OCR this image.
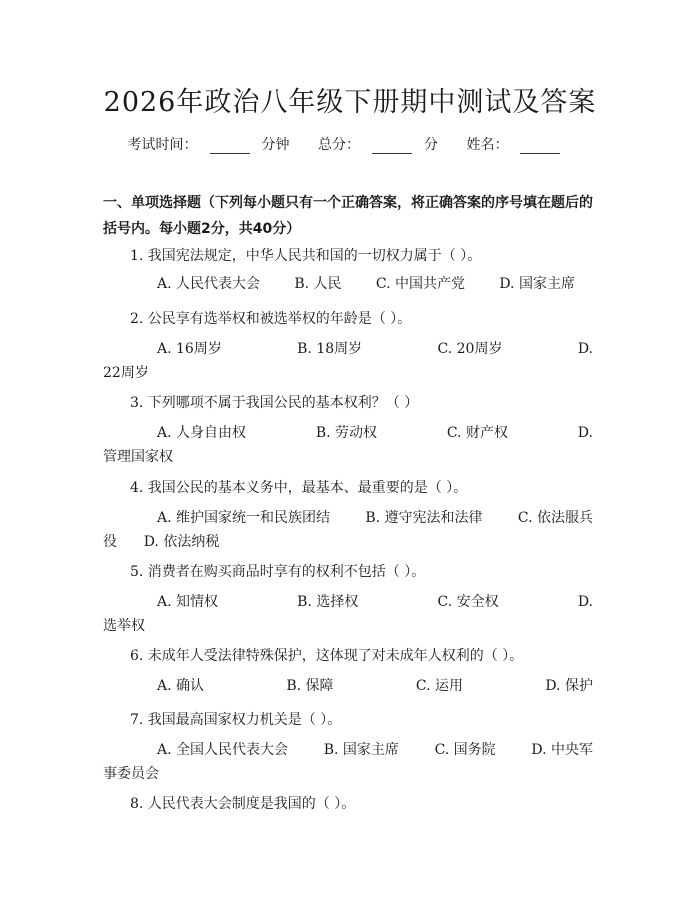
2026年政治八年级下册期中测试及答案
考试时间：	分钟 总分：	分 姓名：
一、单项选择题（下列每小题只有一个正确答案，将正确答案的序号填在题后的括号内。每小题2分，共40分）
1. 我国宪法规定，中华人民共和国的一切权力属于（ ）。
A. 人民代表大会 B. 人民 C. 中国共产党 D. 国家主席
2. 公民享有选举权和被选举权的年龄是（ ）。
A. 16周岁	B. 18周岁	C. 20周岁	D.
22周岁
3. 下列哪项不属于我国公民的基本权利？（ ）
A. 人身自由权	B. 劳动权	C. 财产权	D.
管理国家权
4. 我国公民的基本义务中，最基本、最重要的是（ ）。
A. 维护国家统一和民族团结	B. 遵守宪法和法律	C. 依法服兵
役      D. 依法纳税
5. 消费者在购买商品时享有的权利不包括（ ）。
A. 知情权	B. 选择权	C. 安全权	D.
选举权
6. 未成年人受法律特殊保护，这体现了对未成年人权利的（ ）。
A. 确认	B. 保障	C. 运用	D. 保护
7. 我国最高国家权力机关是（ ）。
A. 全国人民代表大会	B. 国家主席	C. 国务院	D. 中央军
事委员会
8. 人民代表大会制度是我国的（ ）。
